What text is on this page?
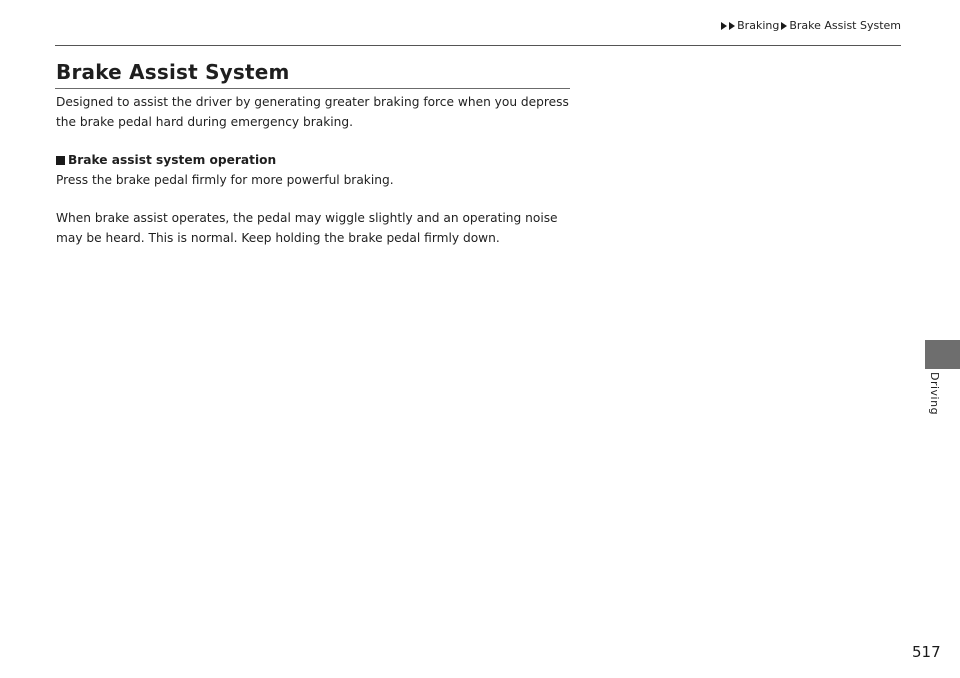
Braking Brake Assist System
Brake Assist System

Designed to assist the driver by generating greater braking force when you depress

the brake pedal hard during emergency braking.

Brake assist system operation

Press the brake pedal firmly for more powerful braking.

When brake assist operates, the pedal may wiggle slightly and an operating noise

may be heard. This is normal. Keep holding the brake pedal firmly down.

Driving
517
